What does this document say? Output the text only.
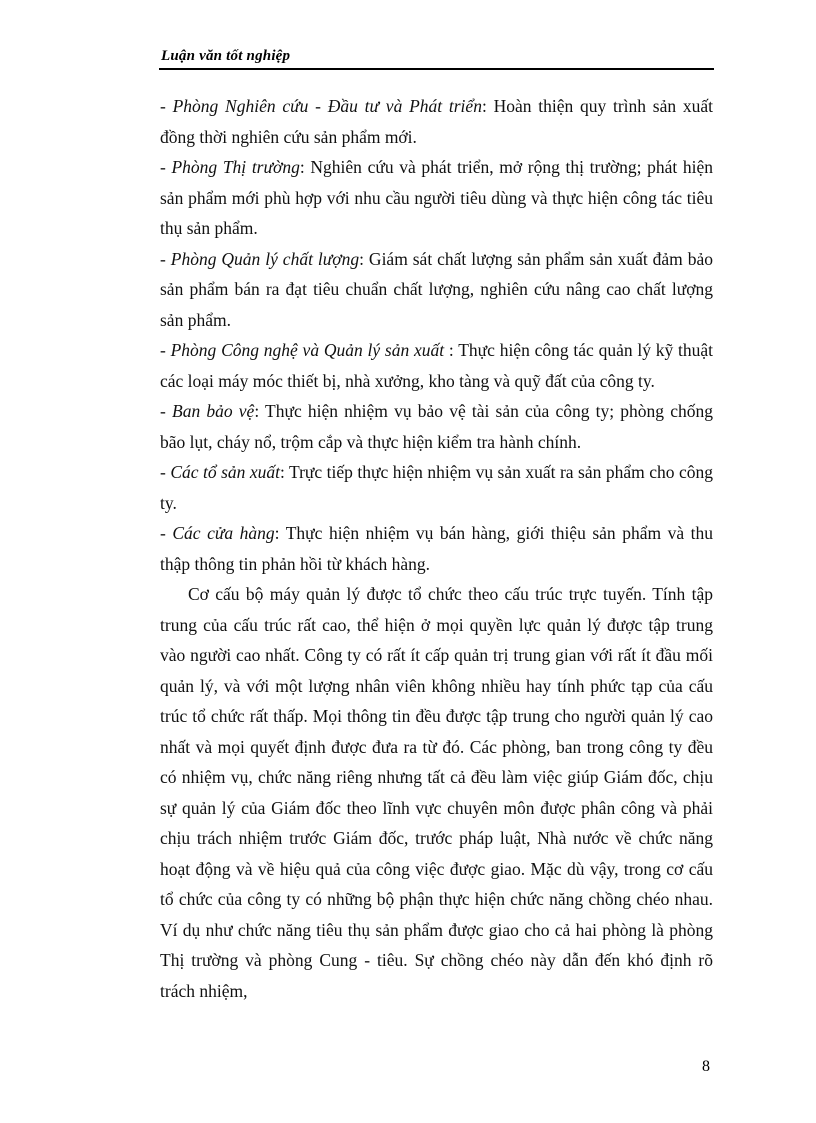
Luận văn tốt nghiệp

- Phòng Nghiên cứu - Đầu tư và Phát triển: Hoàn thiện quy trình sản xuất đồng thời nghiên cứu sản phẩm mới.

- Phòng Thị trường: Nghiên cứu và phát triển, mở rộng thị trường; phát hiện sản phẩm mới phù hợp với nhu cầu người tiêu dùng và thực hiện công tác tiêu thụ sản phẩm.

- Phòng Quản lý chất lượng: Giám sát chất lượng sản phẩm sản xuất đảm bảo sản phẩm bán ra đạt tiêu chuẩn chất lượng, nghiên cứu nâng cao chất lượng sản phẩm.

- Phòng Công nghệ và Quản lý sản xuất : Thực hiện công tác quản lý kỹ thuật các loại máy móc thiết bị, nhà xưởng, kho tàng và quỹ đất của công ty.

- Ban bảo vệ: Thực hiện nhiệm vụ bảo vệ tài sản của công ty; phòng chống bão lụt, cháy nổ, trộm cắp và thực hiện kiểm tra hành chính.

- Các tổ sản xuất: Trực tiếp thực hiện nhiệm vụ sản xuất ra sản phẩm cho công ty.

- Các cửa hàng: Thực hiện nhiệm vụ bán hàng, giới thiệu sản phẩm và thu thập thông tin phản hồi từ khách hàng.

Cơ cấu bộ máy quản lý được tổ chức theo cấu trúc trực tuyến. Tính tập trung của cấu trúc rất cao, thể hiện ở mọi quyền lực quản lý được tập trung vào người cao nhất. Công ty có rất ít cấp quản trị trung gian với rất ít đầu mối quản lý, và với một lượng nhân viên không nhiều hay tính phức tạp của cấu trúc tổ chức rất thấp. Mọi thông tin đều được tập trung cho người quản lý cao nhất và mọi quyết định được đưa ra từ đó. Các phòng, ban trong công ty đều có nhiệm vụ, chức năng riêng nhưng tất cả đều làm việc giúp Giám đốc, chịu sự quản lý của Giám đốc theo lĩnh vực chuyên môn được phân công và phải chịu trách nhiệm trước Giám đốc, trước pháp luật, Nhà nước về chức năng hoạt động và về hiệu quả của công việc được giao. Mặc dù vậy, trong cơ cấu tổ chức của công ty có những bộ phận thực hiện chức năng chồng chéo nhau. Ví dụ như chức năng tiêu thụ sản phẩm được giao cho cả hai phòng là phòng Thị trường và phòng Cung - tiêu. Sự chồng chéo này dẫn đến khó định rõ trách nhiệm,

8
